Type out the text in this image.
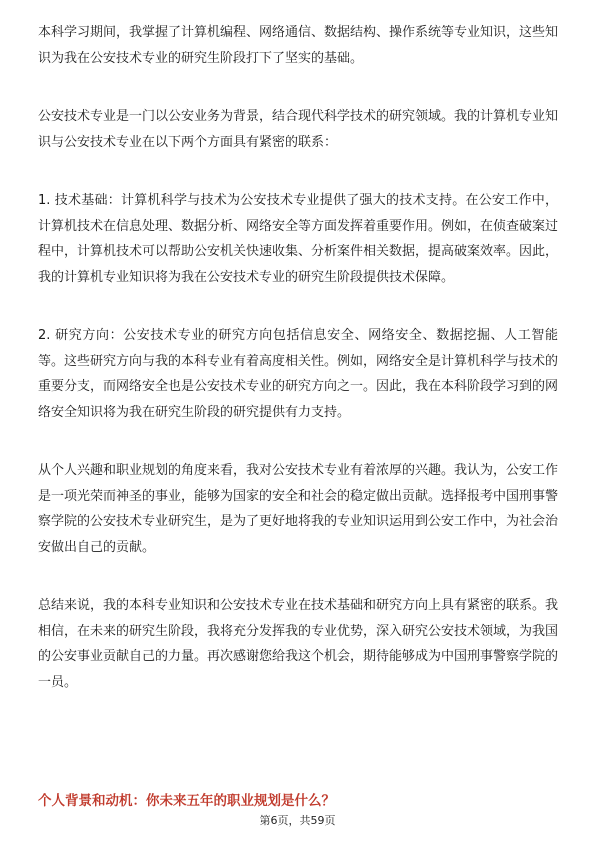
本科学习期间，我掌握了计算机编程、网络通信、数据结构、操作系统等专业知识，这些知识为我在公安技术专业的研究生阶段打下了坚实的基础。

公安技术专业是一门以公安业务为背景，结合现代科学技术的研究领域。我的计算机专业知识与公安技术专业在以下两个方面具有紧密的联系：

1. 技术基础：计算机科学与技术为公安技术专业提供了强大的技术支持。在公安工作中，计算机技术在信息处理、数据分析、网络安全等方面发挥着重要作用。例如，在侦查破案过程中，计算机技术可以帮助公安机关快速收集、分析案件相关数据，提高破案效率。因此，我的计算机专业知识将为我在公安技术专业的研究生阶段提供技术保障。

2. 研究方向：公安技术专业的研究方向包括信息安全、网络安全、数据挖掘、人工智能等。这些研究方向与我的本科专业有着高度相关性。例如，网络安全是计算机科学与技术的重要分支，而网络安全也是公安技术专业的研究方向之一。因此，我在本科阶段学习到的网络安全知识将为我在研究生阶段的研究提供有力支持。

从个人兴趣和职业规划的角度来看，我对公安技术专业有着浓厚的兴趣。我认为，公安工作是一项光荣而神圣的事业，能够为国家的安全和社会的稳定做出贡献。选择报考中国刑事警察学院的公安技术专业研究生，是为了更好地将我的专业知识运用到公安工作中，为社会治安做出自己的贡献。

总结来说，我的本科专业知识和公安技术专业在技术基础和研究方向上具有紧密的联系。我相信，在未来的研究生阶段，我将充分发挥我的专业优势，深入研究公安技术领域，为我国的公安事业贡献自己的力量。再次感谢您给我这个机会，期待能够成为中国刑事警察学院的一员。

个人背景和动机：你未来五年的职业规划是什么？
第6页，共59页
